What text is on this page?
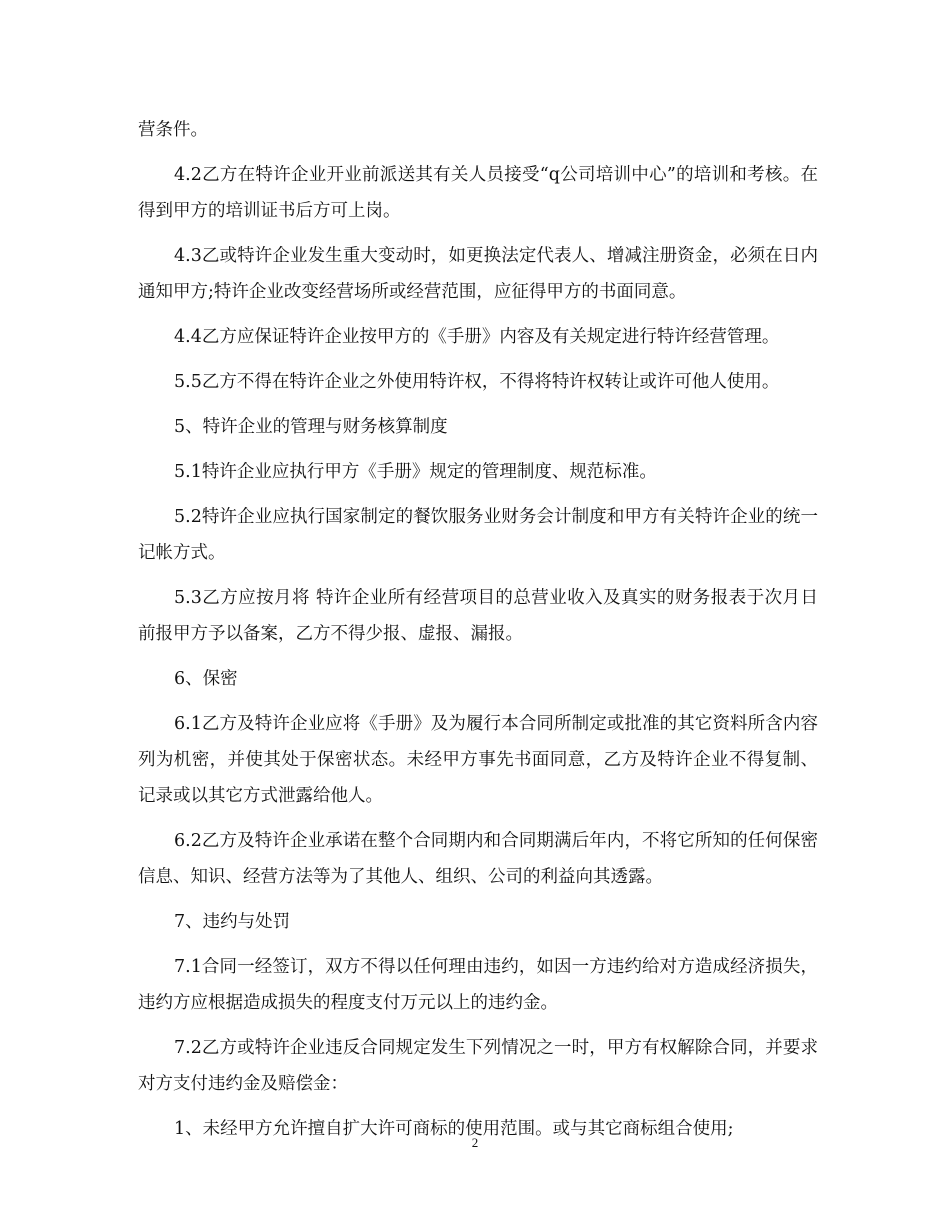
营条件。

4.2乙方在特许企业开业前派送其有关人员接受“q公司培训中心”的培训和考核。在得到甲方的培训证书后方可上岗。

4.3乙或特许企业发生重大变动时，如更换法定代表人、增减注册资金，必须在日内通知甲方;特许企业改变经营场所或经营范围，应征得甲方的书面同意。

4.4乙方应保证特许企业按甲方的《手册》内容及有关规定进行特许经营管理。

5.5乙方不得在特许企业之外使用特许权，不得将特许权转让或许可他人使用。

5、特许企业的管理与财务核算制度

5.1特许企业应执行甲方《手册》规定的管理制度、规范标准。

5.2特许企业应执行国家制定的餐饮服务业财务会计制度和甲方有关特许企业的统一记帐方式。

5.3乙方应按月将 特许企业所有经营项目的总营业收入及真实的财务报表于次月日前报甲方予以备案，乙方不得少报、虚报、漏报。

6、保密

6.1乙方及特许企业应将《手册》及为履行本合同所制定或批准的其它资料所含内容列为机密，并使其处于保密状态。未经甲方事先书面同意，乙方及特许企业不得复制、记录或以其它方式泄露给他人。

6.2乙方及特许企业承诺在整个合同期内和合同期满后年内，不将它所知的任何保密信息、知识、经营方法等为了其他人、组织、公司的利益向其透露。

7、违约与处罚

7.1合同一经签订，双方不得以任何理由违约，如因一方违约给对方造成经济损失，违约方应根据造成损失的程度支付万元以上的违约金。

7.2乙方或特许企业违反合同规定发生下列情况之一时，甲方有权解除合同，并要求对方支付违约金及赔偿金：

1、未经甲方允许擅自扩大许可商标的使用范围。或与其它商标组合使用;

2
